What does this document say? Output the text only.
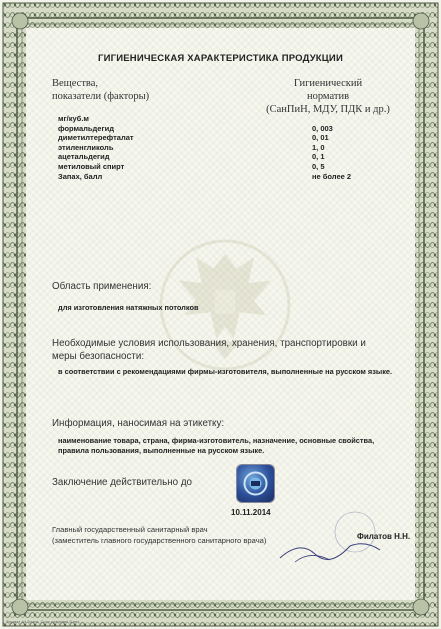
ГИГИЕНИЧЕСКАЯ ХАРАКТЕРИСТИКА ПРОДУКЦИИ
Вещества,
показатели (факторы)
Гигиенический
норматив
(СанПиН, МДУ, ПДК и др.)
мг/куб.м
формальдегид	0, 003
диметилтерефталат	0, 01
этиленгликоль	1, 0
ацетальдегид	0, 1
метиловый спирт	0, 5
Запах, балл	не более 2
Область применения:
для изготовления натяжных потолков
Необходимые условия использования, хранения, транспортировки и меры безопасности:
в соответствии с рекомендациями фирмы-изготовителя, выполненные на русском языке.
Информация, наносимая на этикетку:
наименование товара, страна, фирма-изготовитель, назначение, основные свойства, правила пользования, выполненные на русском языке.
Заключение действительно до
10.11.2014
Главный государственный санитарный врач
(заместитель главного государственного санитарного врача)	Филатов Н.Н.
Формат А4 Бланк. Срок хранения 5 лет.
